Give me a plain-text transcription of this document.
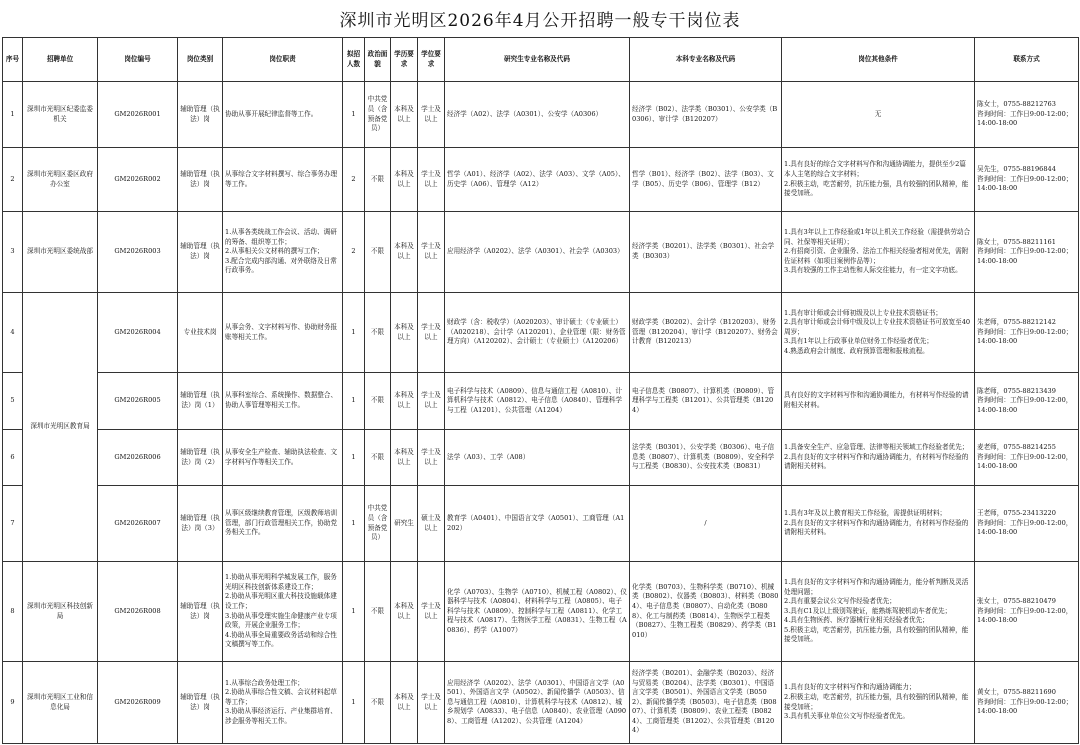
深圳市光明区2026年4月公开招聘一般专干岗位表
序号	招聘单位	岗位编号	岗位类别	岗位职责	拟招人数	政治面貌	学历要求	学位要求	研究生专业名称及代码	本科专业名称及代码	岗位其他条件	联系方式
1	深圳市光明区纪委监委机关	GM2026R001	辅助管理（执法）岗	协助从事开展纪律监督等工作。	1	中共党员（含预备党员）	本科及以上	学士及以上	经济学（A02）、法学（A0301）、公安学（A0306）	经济学（B02）、法学类（B0301）、公安学类（B0306）、审计学（B120207）	无	陈女士，0755-88212763
咨询时间：工作日9:00-12:00；14:00-18:00
2	深圳市光明区委区政府办公室	GM2026R002	辅助管理（执法）岗	从事综合文字材料撰写、综合事务办理等工作。	2	不限	本科及以上	学士及以上	哲学（A01）、经济学（A02）、法学（A03）、文学（A05）、历史学（A06）、管理学（A12）	哲学（B01）、经济学（B02）、法学（B03）、文学（B05）、历史学（B06）、管理学（B12）	1.具有良好的综合文字材料写作和沟通协调能力，提供至少2篇本人主笔的综合文字材料；
2.积极主动，吃苦耐劳，抗压能力强，具有较强的团队精神，能接受加班。	吴先生，0755-88196844
咨询时间：工作日9:00-12:00；14:00-18:00
3	深圳市光明区委统战部	GM2026R003	辅助管理（执法）岗	1.从事各类统战工作会议、活动、调研的筹备、组织等工作；
2.从事相关公文材料的撰写工作；
3.配合完成内部沟通、对外联络及日常行政事务。	2	不限	本科及以上	学士及以上	应用经济学（A0202）、法学（A0301）、社会学（A0303）	经济学类（B0201）、法学类（B0301）、社会学类（B0303）	1.具有3年以上工作经验或1年以上机关工作经验（需提供劳动合同、社保等相关证明）；
2.有招商引资、企业服务、法治工作相关经验者相对优先，需附佐证材料（如项目案例作品等）；
3.具有较强的工作主动性和人际交往能力，有一定文字功底。	陈女士，0755-88211161
咨询时间：工作日9:00-12:00；14:00-18:00
4	深圳市光明区教育局	GM2026R004	专业技术岗	从事会务、文字材料写作、协助财务报账等相关工作。	1	不限	本科及以上	学士及以上	财政学（含：税收学）（A020203）、审计硕士（专业硕士）（A020218）、会计学（A120201）、企业管理（限：财务管理方向）（A120202）、会计硕士（专业硕士）（A120206）	财政学类（B0202）、会计学（B120203）、财务管理（B120204）、审计学（B120207）、财务会计教育（B120213）	1.具有审计师或会计师初级及以上专业技术资格证书；
2.具有审计师或会计师中级及以上专业技术资格证书可放宽至40周岁；
3.具有1年以上行政事业单位财务工作经验者优先；
4.熟悉政府会计制度、政府预算管理和报账流程。	朱老师，0755-88212142
咨询时间：工作日9:00-12:00；14:00-18:00
5		GM2026R005	辅助管理（执法）岗（1）	从事科室综合、系统操作、数据整合、协助人事管理等相关工作。	1	不限	本科及以上	学士及以上	电子科学与技术（A0809）、信息与通信工程（A0810）、计算机科学与技术（A0812）、电子信息（A0840）、管理科学与工程（A1201）、公共管理（A1204）	电子信息类（B0807）、计算机类（B0809）、管理科学与工程类（B1201）、公共管理类（B1204）	具有良好的文字材料写作和沟通协调能力，有材料写作经验的请附相关材料。	陈老师，0755-88213439
咨询时间：工作日9:00-12:00，14:00-18:00
6		GM2026R006	辅助管理（执法）岗（2）	从事安全生产检查、辅助执法检查、文字材料写作等相关工作。	1	不限	本科及以上	学士及以上	法学（A03）、工学（A08）	法学类（B0301）、公安学类（B0306）、电子信息类（B0807）、计算机类（B0809）、安全科学与工程类（B0830）、公安技术类（B0831）	1.具备安全生产、应急管理、法律等相关领域工作经验者优先；
2.具有良好的文字材料写作和沟通协调能力，有材料写作经验的请附相关材料。	麦老师，0755-88214255
咨询时间：工作日9:00-12:00，14:00-18:00
7		GM2026R007	辅助管理（执法）岗（3）	从事区级继续教育管理，区级教师培训管理，部门行政管理相关工作，协助党务相关工作。	1	中共党员（含预备党员）	研究生	硕士及以上	教育学（A0401）、中国语言文学（A0501）、工商管理（A1202）	/	1.具有3年及以上教育相关工作经验，需提供证明材料；
2.具有良好的文字材料写作和沟通协调能力，有材料写作经验的请附相关材料。	王老师，0755-23413220
咨询时间：工作日9:00-12:00，14:00-18:00
8	深圳市光明区科技创新局	GM2026R008	辅助管理（执法）岗	1.协助从事光明科学城发展工作，服务光明区科技创新体系建设工作；
2.协助从事光明区重大科技设施载体建设工作；
3.协助从事受理实施生命健康产业专项政策，开展企业服务工作；
4.协助从事全局重要政务活动和综合性文稿撰写等工作。	1	不限	本科及以上	学士及以上	化学（A0703）、生物学（A0710）、机械工程（A0802）、仪器科学与技术（A0804）、材料科学与工程（A0805）、电子科学与技术（A0809）、控制科学与工程（A0811）、化学工程与技术（A0817）、生物医学工程（A0831）、生物工程（A0836）、药学（A1007）	化学类（B0703）、生物科学类（B0710）、机械类（B0802）、仪器类（B0803）、材料类（B0804）、电子信息类（B0807）、自动化类（B0808）、化工与制药类（B0814）、生物医学工程类（B0827）、生物工程类（B0829）、药学类（B1010）	1.具有良好的文字材料写作和沟通协调能力，能分析判断及灵活处理问题；
2.具有重要会议公文写作经验者优先；
3.具有C1及以上级别驾驶证，能熟练驾驶机动车者优先；
4.具有生物医药、医疗器械行业相关经验者优先；
5.积极主动，吃苦耐劳，抗压能力强，具有较强的团队精神，能接受加班。	张女士，0755-88210479
咨询时间：工作日9:00-12:00，14:00-18:00
9	深圳市光明区工业和信息化局	GM2026R009	辅助管理（执法）岗	1.从事综合政务处理工作；
2.协助从事综合性文稿、会议材料起草等工作；
3.协助从事经济运行、产业集群培育、涉企服务等相关工作。	1	不限	本科及以上	学士及以上	应用经济学（A0202）、法学（A0301）、中国语言文学（A0501）、外国语言文学（A0502）、新闻传播学（A0503）、信息与通信工程（A0810）、计算机科学与技术（A0812）、城乡规划学（A0833）、电子信息（A0840）、农业管理（A0908）、工商管理（A1202）、公共管理（A1204）	经济学类（B0201）、金融学类（B0203）、经济与贸易类（B0204）、法学类（B0301）、中国语言文学类（B0501）、外国语言文学类（B0502）、新闻传播学类（B0503）、电子信息类（B0807）、计算机类（B0809）、农业工程类（B0824）、工商管理类（B1202）、公共管理类（B1204）	1.具有良好的文字材料写作和沟通协调能力；
2.积极主动，吃苦耐劳，抗压能力强，具有较强的团队精神，能接受加班；
3.具有机关事业单位公文写作经验者优先。	黄女士，0755-88211690
咨询时间：工作日9:00-12:00；14:00-18:00
